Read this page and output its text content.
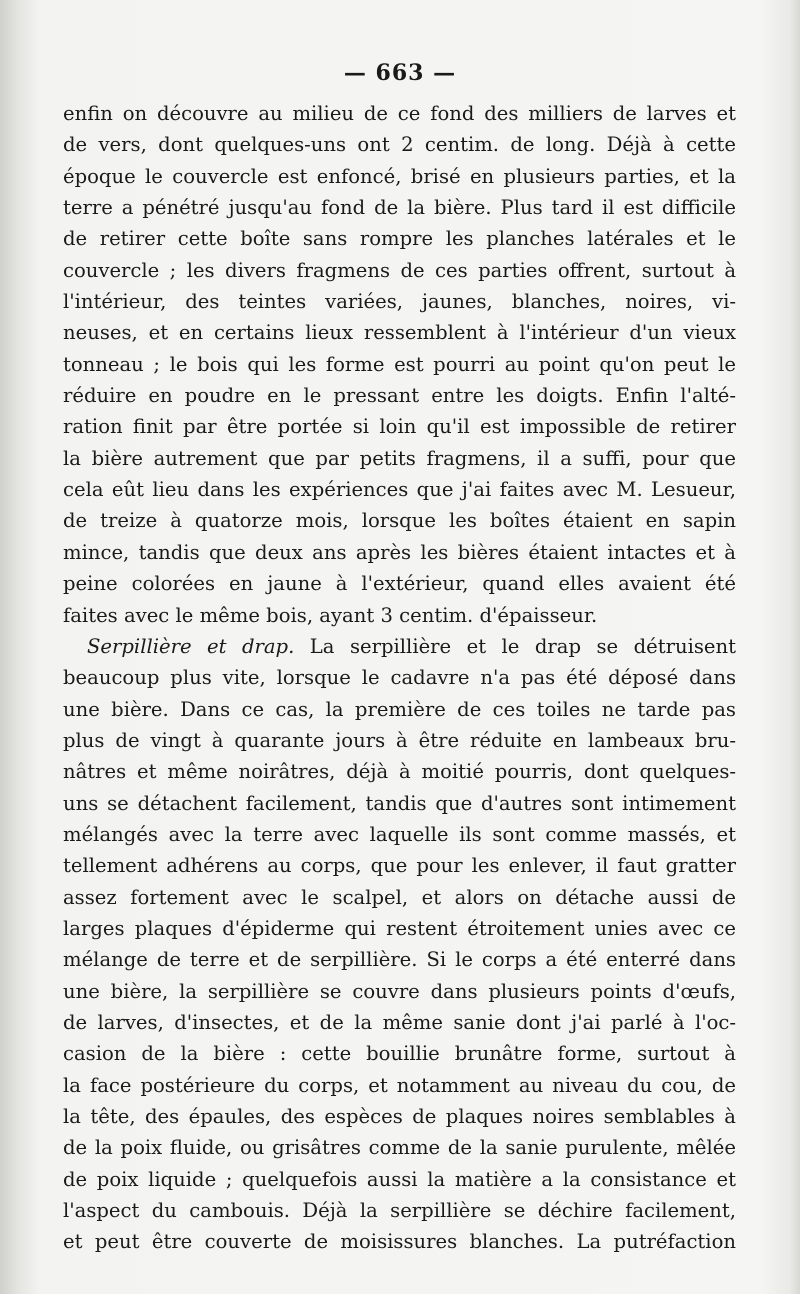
— 663 —
enfin on découvre au milieu de ce fond des milliers de larves et
de vers, dont quelques-uns ont 2 centim. de long. Déjà à cette
époque le couvercle est enfoncé, brisé en plusieurs parties, et la
terre a pénétré jusqu'au fond de la bière. Plus tard il est difficile
de retirer cette boîte sans rompre les planches latérales et le
couvercle ; les divers fragmens de ces parties offrent, surtout à
l'intérieur, des teintes variées, jaunes, blanches, noires, vi-
neuses, et en certains lieux ressemblent à l'intérieur d'un vieux
tonneau ; le bois qui les forme est pourri au point qu'on peut le
réduire en poudre en le pressant entre les doigts. Enfin l'alté-
ration finit par être portée si loin qu'il est impossible de retirer
la bière autrement que par petits fragmens, il a suffi, pour que
cela eût lieu dans les expériences que j'ai faites avec M. Lesueur,
de treize à quatorze mois, lorsque les boîtes étaient en sapin
mince, tandis que deux ans après les bières étaient intactes et à
peine colorées en jaune à l'extérieur, quand elles avaient été
faites avec le même bois, ayant 3 centim. d'épaisseur.
Serpillière et drap. La serpillière et le drap se détruisent
beaucoup plus vite, lorsque le cadavre n'a pas été déposé dans
une bière. Dans ce cas, la première de ces toiles ne tarde pas
plus de vingt à quarante jours à être réduite en lambeaux bru-
nâtres et même noirâtres, déjà à moitié pourris, dont quelques-
uns se détachent facilement, tandis que d'autres sont intimement
mélangés avec la terre avec laquelle ils sont comme massés, et
tellement adhérens au corps, que pour les enlever, il faut gratter
assez fortement avec le scalpel, et alors on détache aussi de
larges plaques d'épiderme qui restent étroitement unies avec ce
mélange de terre et de serpillière. Si le corps a été enterré dans
une bière, la serpillière se couvre dans plusieurs points d'œufs,
de larves, d'insectes, et de la même sanie dont j'ai parlé à l'oc-
casion de la bière : cette bouillie brunâtre forme, surtout à
la face postérieure du corps, et notamment au niveau du cou, de
la tête, des épaules, des espèces de plaques noires semblables à
de la poix fluide, ou grisâtres comme de la sanie purulente, mêlée
de poix liquide ; quelquefois aussi la matière a la consistance et
l'aspect du cambouis. Déjà la serpillière se déchire facilement,
et peut être couverte de moisissures blanches. La putréfaction
